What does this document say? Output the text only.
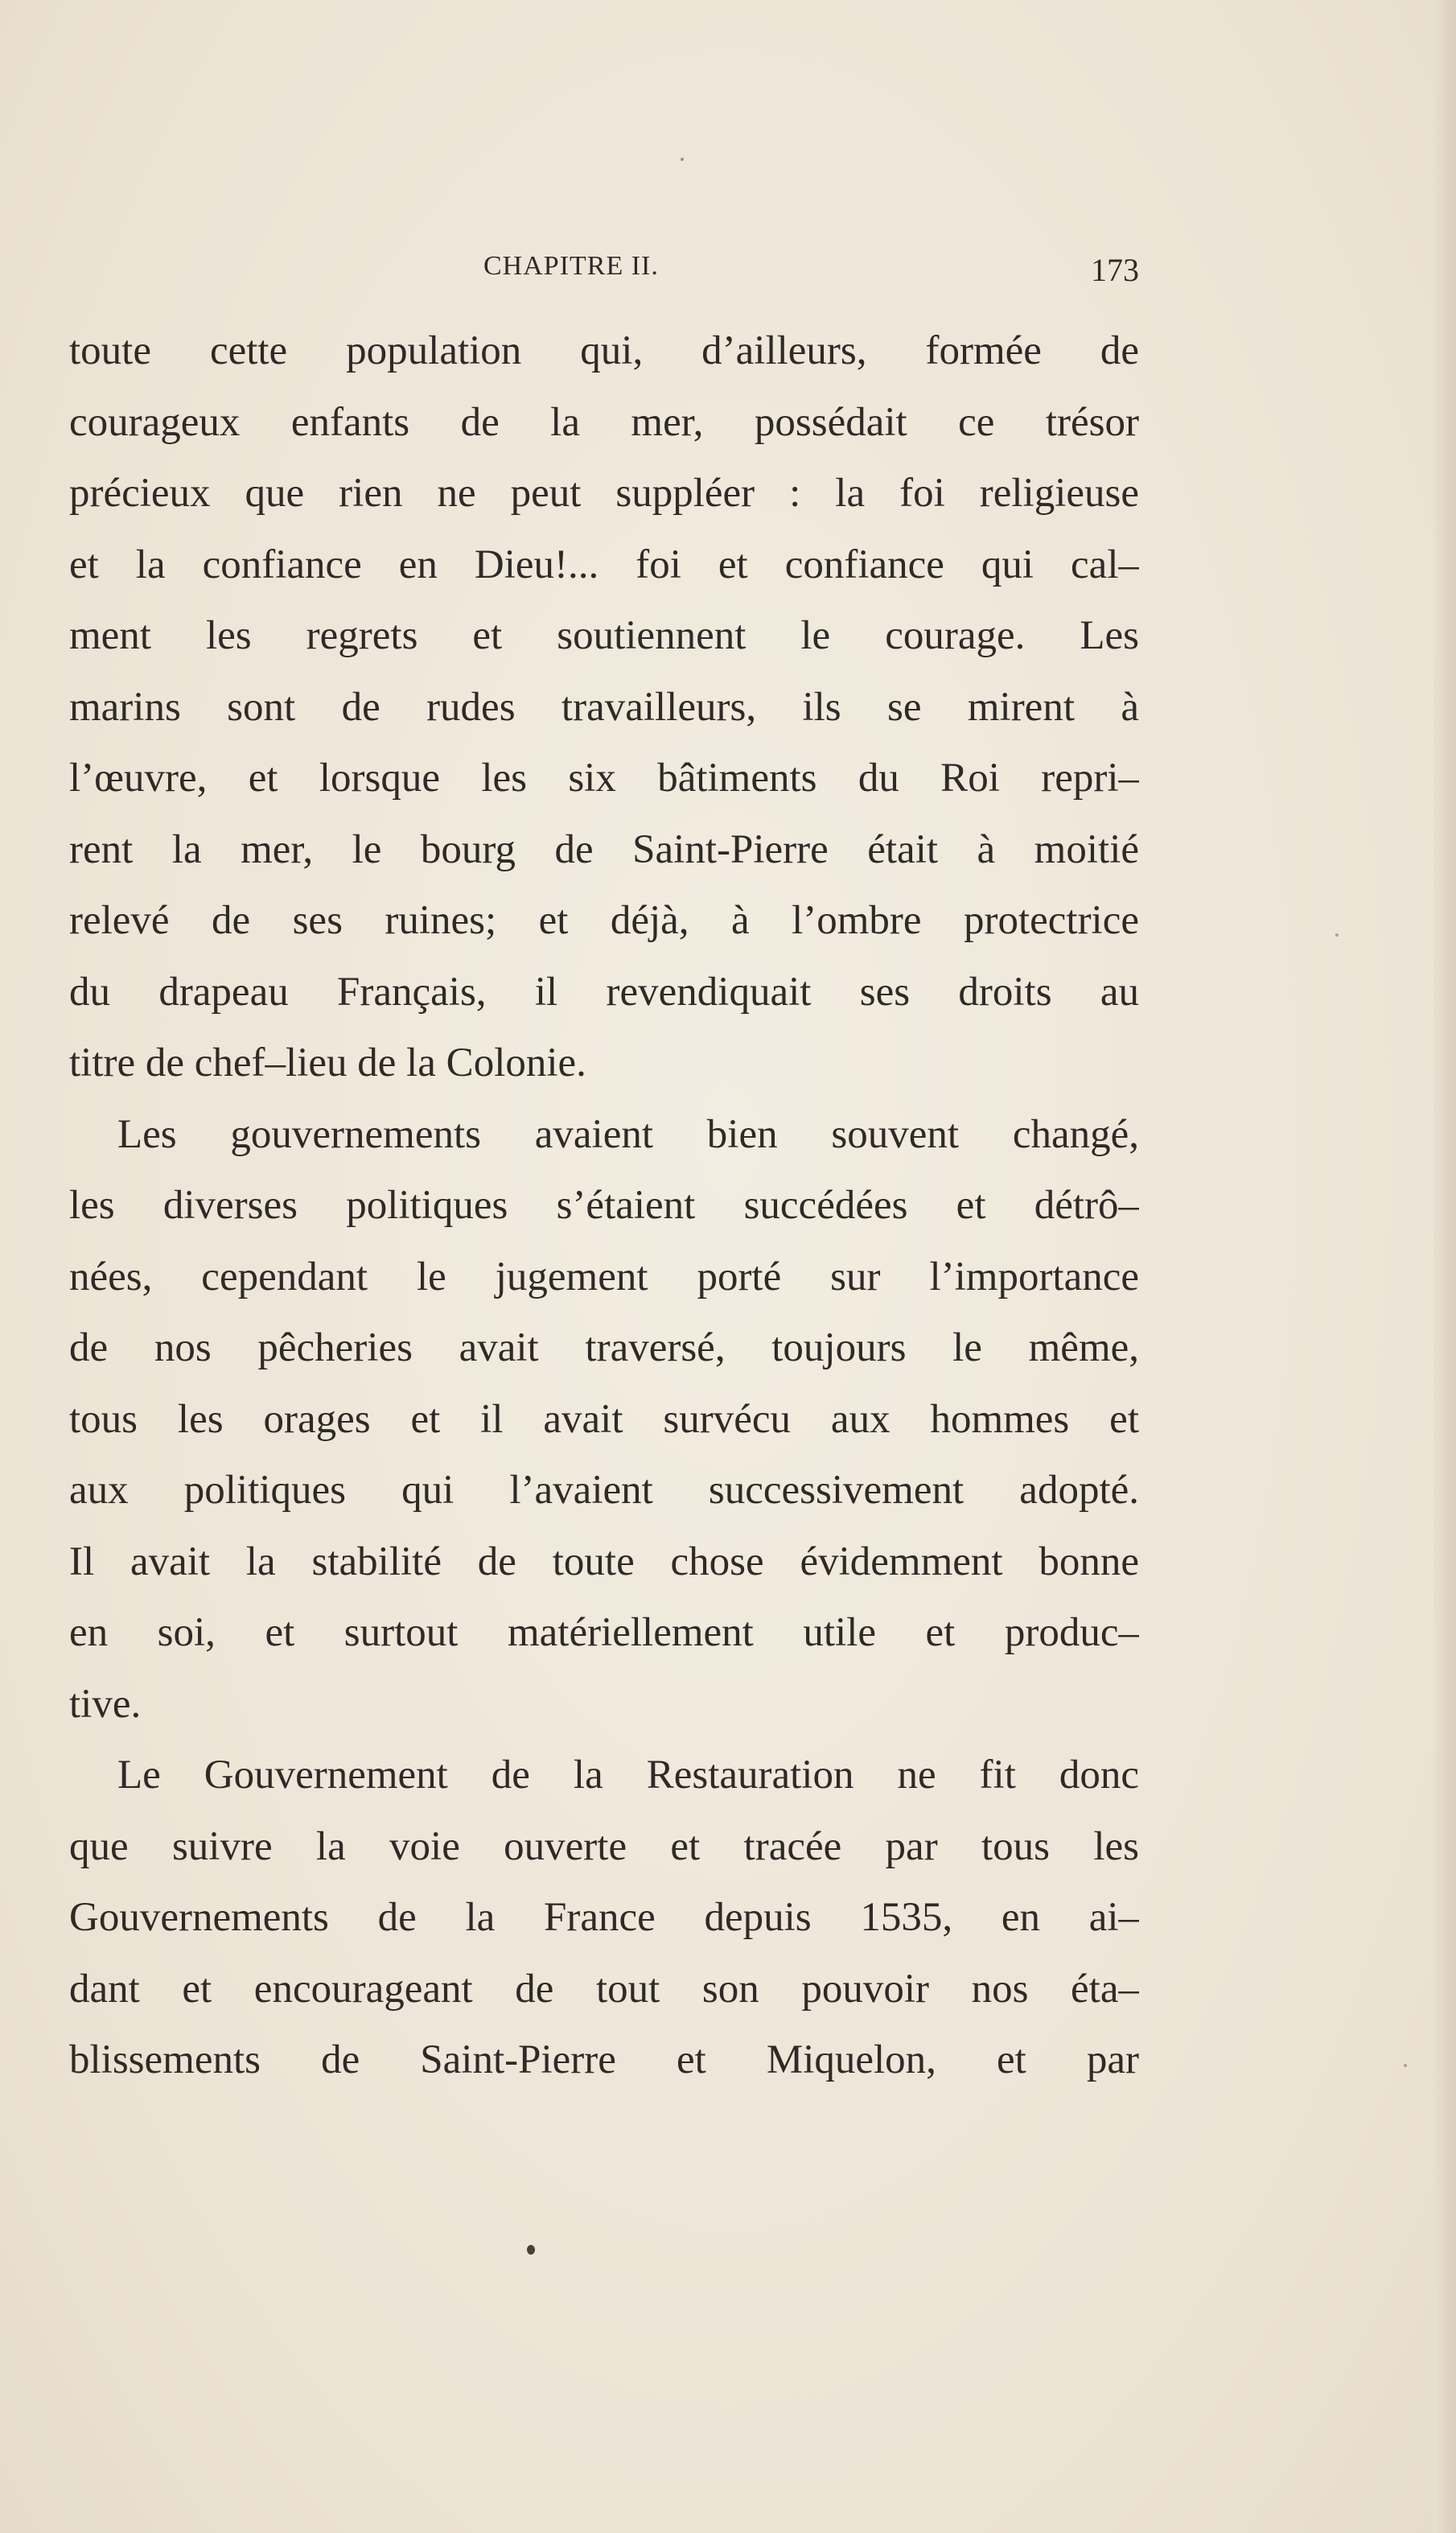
CHAPITRE II.	173
toute cette population qui, d’ailleurs, formée de
courageux enfants de la mer, possédait ce trésor
précieux que rien ne peut suppléer : la foi religieuse
et la confiance en Dieu!... foi et confiance qui cal–
ment les regrets et soutiennent le courage. Les
marins sont de rudes travailleurs, ils se mirent à
l’œuvre, et lorsque les six bâtiments du Roi repri–
rent la mer, le bourg de Saint-Pierre était à moitié
relevé de ses ruines; et déjà, à l’ombre protectrice
du drapeau Français, il revendiquait ses droits au
titre de chef–lieu de la Colonie.
Les gouvernements avaient bien souvent changé,
les diverses politiques s’étaient succédées et détrô–
nées, cependant le jugement porté sur l’importance
de nos pêcheries avait traversé, toujours le même,
tous les orages et il avait survécu aux hommes et
aux politiques qui l’avaient successivement adopté.
Il avait la stabilité de toute chose évidemment bonne
en soi, et surtout matériellement utile et produc–
tive.
Le Gouvernement de la Restauration ne fit donc
que suivre la voie ouverte et tracée par tous les
Gouvernements de la France depuis 1535, en ai–
dant et encourageant de tout son pouvoir nos éta–
blissements de Saint-Pierre et Miquelon, et par
